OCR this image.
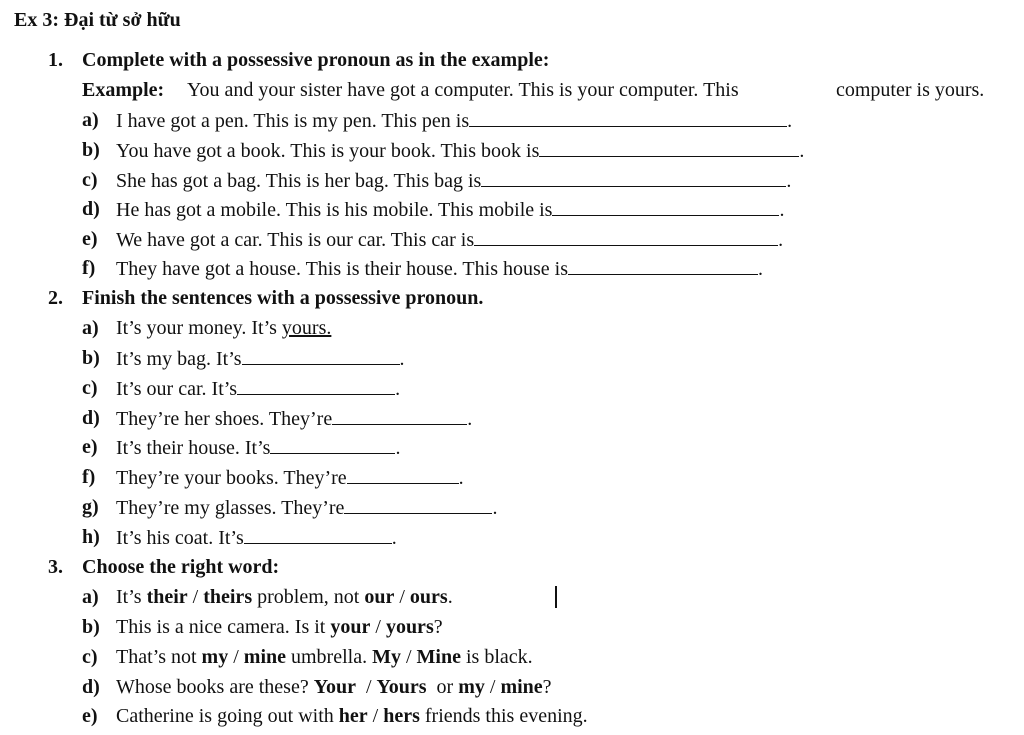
Ex 3: Đại từ sở hữu
1. Complete with a possessive pronoun as in the example:
Example: You and your sister have got a computer. This is your computer. This	computer is yours.
a) I have got a pen. This is my pen. This pen is	.
b) You have got a book. This is your book. This book is	.
c) She has got a bag. This is her bag. This bag is	.
d) He has got a mobile. This is his mobile. This mobile is	.
e) We have got a car. This is our car. This car is	.
f) They have got a house. This is their house. This house is	.
2. Finish the sentences with a possessive pronoun.
a) It’s your money. It’s yours.
b) It’s my bag. It’s	.
c) It’s our car. It’s	.
d) They’re her shoes. They’re	.
e) It’s their house. It’s	.
f) They’re your books. They’re	.
g) They’re my glasses. They’re	.
h) It’s his coat. It’s	.
3. Choose the right word:
a) It’s their / theirs problem, not our / ours.
b) This is a nice camera. Is it your / yours?
c) That’s not my / mine umbrella. My / Mine is black.
d) Whose books are these? Your  / Yours  or my / mine?
e) Catherine is going out with her / hers friends this evening.
